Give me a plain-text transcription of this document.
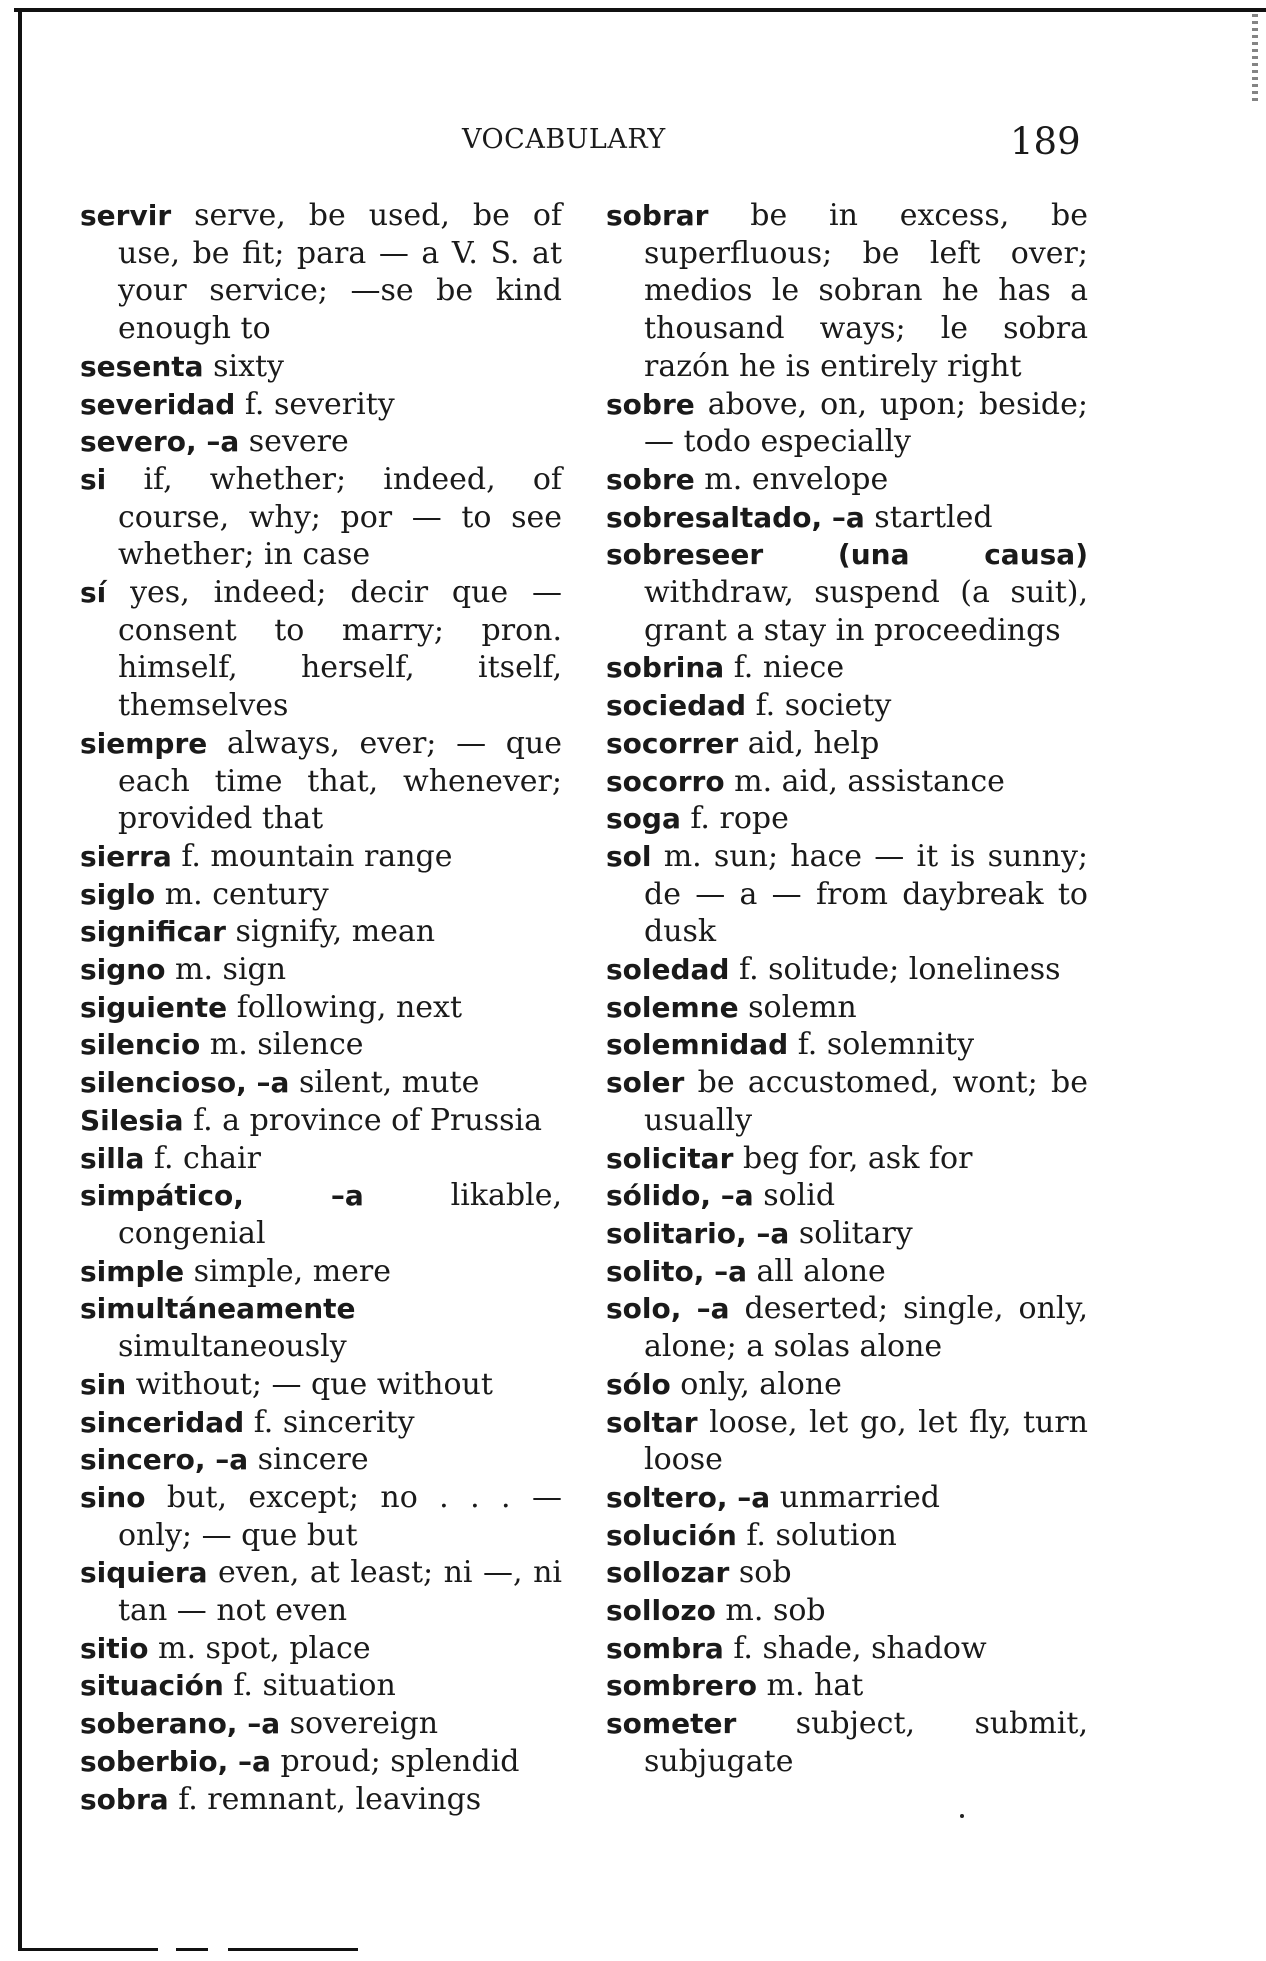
VOCABULARY	189
servir serve, be used, be of use, be fit; para — a V. S. at your service; —se be kind enough to
sesenta sixty
severidad f. severity
severo, –a severe
si if, whether; indeed, of course, why; por — to see whether; in case
sí yes, indeed; decir que — consent to marry; pron. himself, herself, itself, themselves
siempre always, ever; — que each time that, whenever; provided that
sierra f. mountain range
siglo m. century
significar signify, mean
signo m. sign
siguiente following, next
silencio m. silence
silencioso, –a silent, mute
Silesia f. a province of Prussia
silla f. chair
simpático, –a	likable, congenial
simple simple, mere
simultáneamente simultaneously
sin without; — que without
sinceridad f. sincerity
sincero, –a sincere
sino but, except; no . . . — only; — que but
siquiera even, at least; ni —, ni tan — not even
sitio m. spot, place
situación f. situation
soberano, –a sovereign
soberbio, –a proud; splendid
sobra f. remnant, leavings
sobrar be in excess, be superfluous; be left over; medios le sobran he has a thousand ways; le sobra razón he is entirely right
sobre above, on, upon; beside; — todo especially
sobre m. envelope
sobresaltado, –a startled
sobreseer (una causa) withdraw, suspend (a suit), grant a stay in proceedings
sobrina f. niece
sociedad f. society
socorrer aid, help
socorro m. aid, assistance
soga f. rope
sol m. sun; hace — it is sunny; de — a — from daybreak to dusk
soledad f. solitude; loneliness
solemne solemn
solemnidad f. solemnity
soler be accustomed, wont; be usually
solicitar beg for, ask for
sólido, –a solid
solitario, –a solitary
solito, –a all alone
solo, –a deserted; single, only, alone; a solas alone
sólo only, alone
soltar loose, let go, let fly, turn loose
soltero, –a unmarried
solución f. solution
sollozar sob
sollozo m. sob
sombra f. shade, shadow
sombrero m. hat
someter subject, submit, subjugate
